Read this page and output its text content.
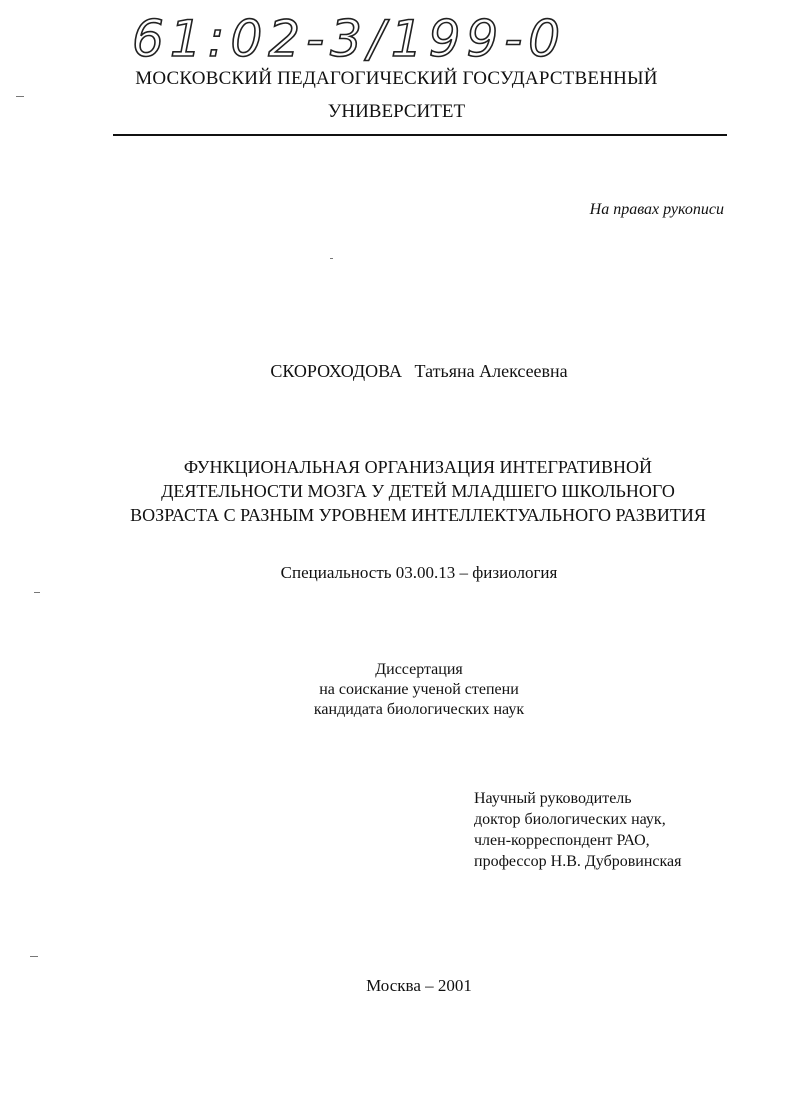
61:02-3/199-0
МОСКОВСКИЙ ПЕДАГОГИЧЕСКИЙ ГОСУДАРСТВЕННЫЙ
УНИВЕРСИТЕТ
На правах рукописи
СКОРОХОДОВА Татьяна Алексеевна
ФУНКЦИОНАЛЬНАЯ ОРГАНИЗАЦИЯ ИНТЕГРАТИВНОЙ
ДЕЯТЕЛЬНОСТИ МОЗГА У ДЕТЕЙ МЛАДШЕГО ШКОЛЬНОГО
ВОЗРАСТА С РАЗНЫМ УРОВНЕМ ИНТЕЛЛЕКТУАЛЬНОГО РАЗВИТИЯ
Специальность 03.00.13 – физиология
Диссертация
на соискание ученой степени
кандидата биологических наук
Научный руководитель
доктор биологических наук,
член-корреспондент РАО,
профессор Н.В. Дубровинская
Москва – 2001
